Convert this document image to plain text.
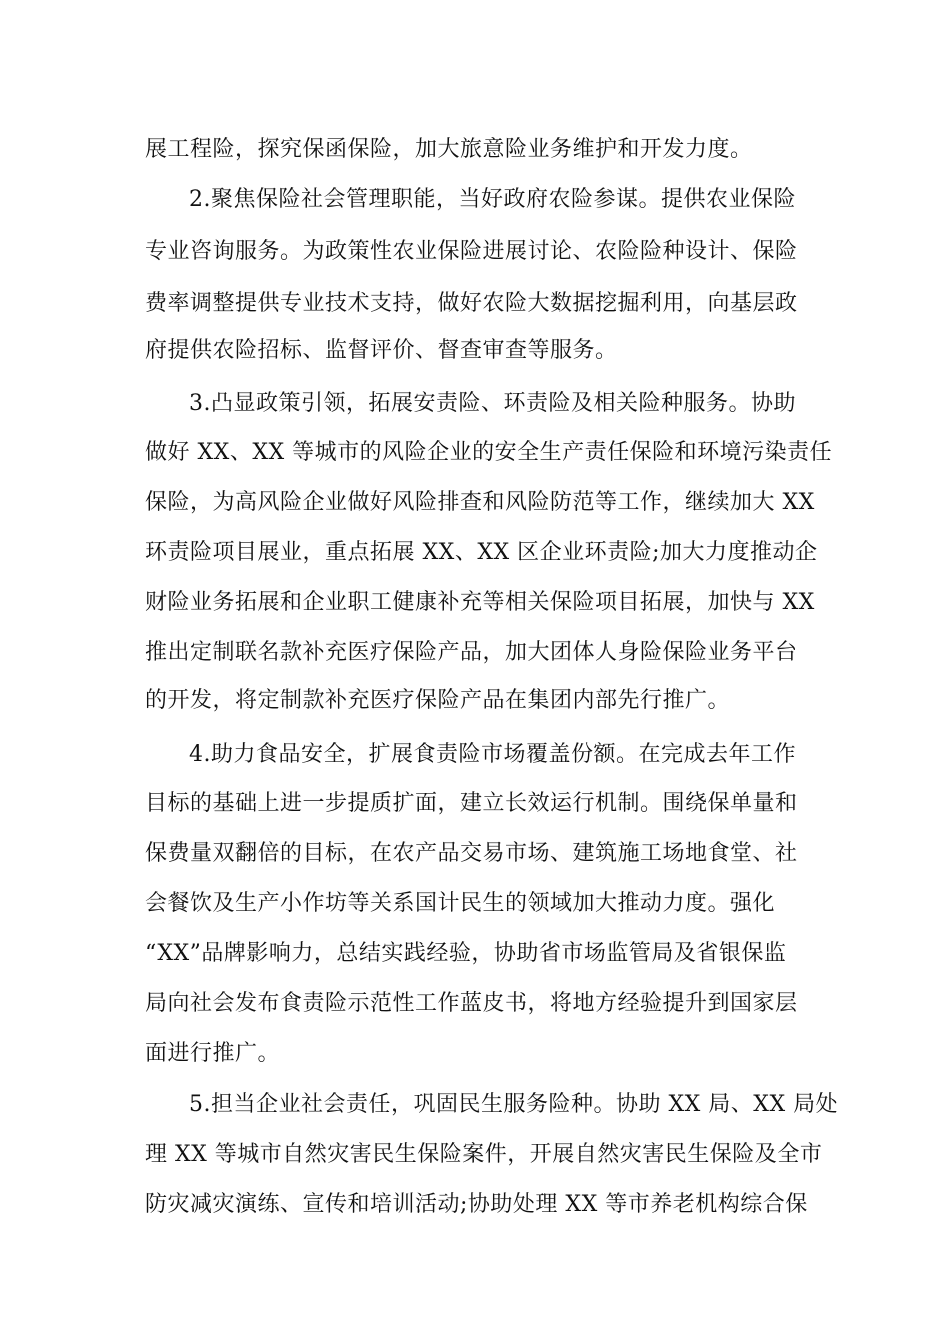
展工程险，探究保函保险，加大旅意险业务维护和开发力度。
2.聚焦保险社会管理职能，当好政府农险参谋。提供农业保险
专业咨询服务。为政策性农业保险进展讨论、农险险种设计、保险
费率调整提供专业技术支持，做好农险大数据挖掘利用，向基层政
府提供农险招标、监督评价、督查审查等服务。
3.凸显政策引领，拓展安责险、环责险及相关险种服务。协助
做好 XX、XX 等城市的风险企业的安全生产责任保险和环境污染责任
保险，为高风险企业做好风险排查和风险防范等工作，继续加大 XX
环责险项目展业，重点拓展 XX、XX 区企业环责险;加大力度推动企
财险业务拓展和企业职工健康补充等相关保险项目拓展，加快与 XX
推出定制联名款补充医疗保险产品，加大团体人身险保险业务平台
的开发，将定制款补充医疗保险产品在集团内部先行推广。
4.助力食品安全，扩展食责险市场覆盖份额。在完成去年工作
目标的基础上进一步提质扩面，建立长效运行机制。围绕保单量和
保费量双翻倍的目标，在农产品交易市场、建筑施工场地食堂、社
会餐饮及生产小作坊等关系国计民生的领域加大推动力度。强化
“XX”品牌影响力，总结实践经验，协助省市场监管局及省银保监
局向社会发布食责险示范性工作蓝皮书，将地方经验提升到国家层
面进行推广。
5.担当企业社会责任，巩固民生服务险种。协助 XX 局、XX 局处
理 XX 等城市自然灾害民生保险案件，开展自然灾害民生保险及全市
防灾减灾演练、宣传和培训活动;协助处理 XX 等市养老机构综合保
